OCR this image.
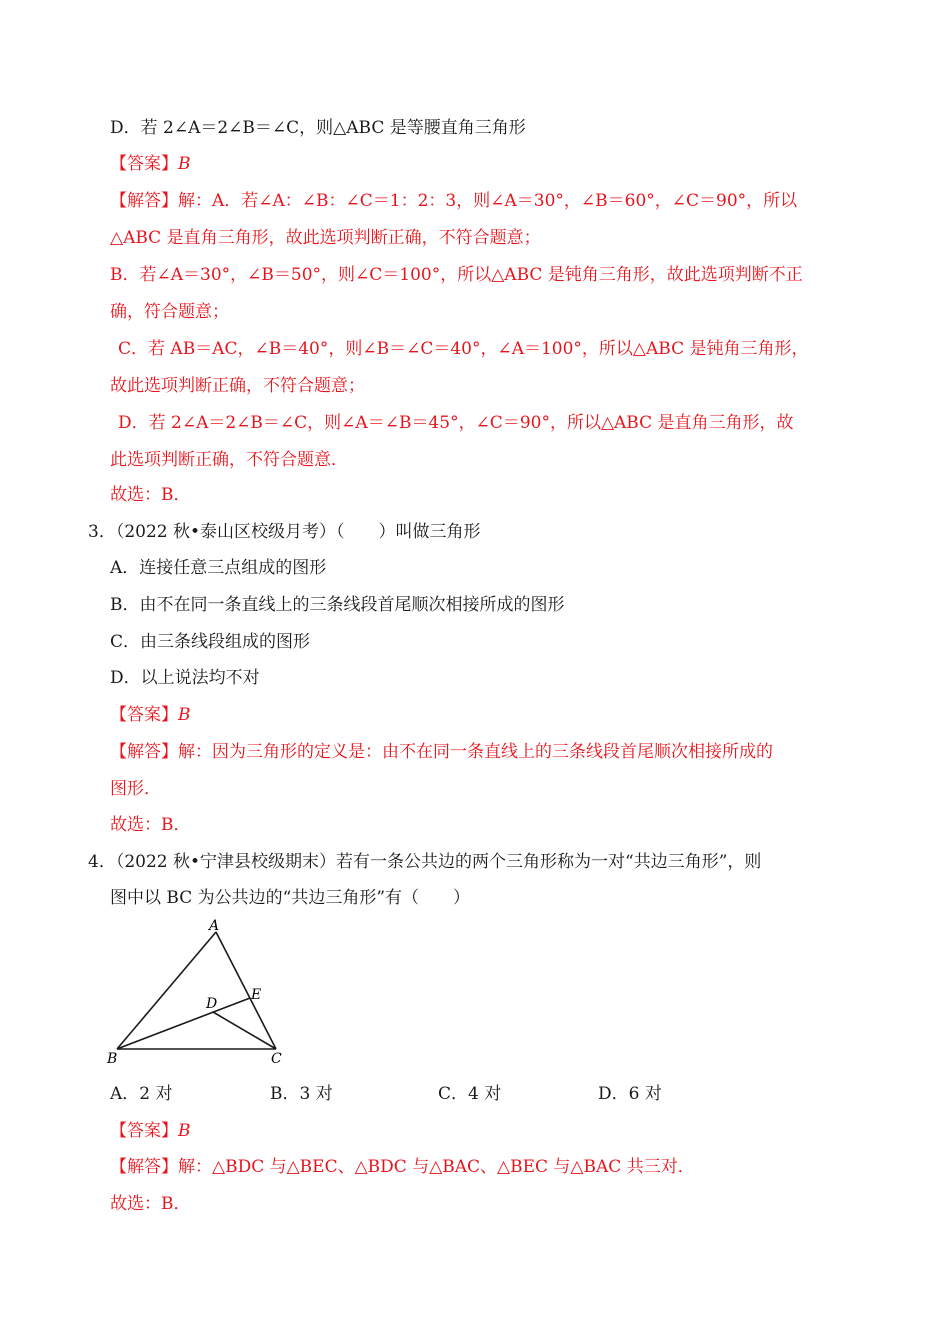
D．若 2∠A＝2∠B＝∠C，则△ABC 是等腰直角三角形
【答案】B
【解答】解：A．若∠A：∠B：∠C＝1：2：3，则∠A＝30°，∠B＝60°，∠C＝90°，所以
△ABC 是直角三角形，故此选项判断正确，不符合题意；
B．若∠A＝30°，∠B＝50°，则∠C＝100°，所以△ABC 是钝角三角形，故此选项判断不正
确，符合题意；
C．若 AB＝AC，∠B＝40°，则∠B＝∠C＝40°，∠A＝100°，所以△ABC 是钝角三角形，
故此选项判断正确，不符合题意；
D．若 2∠A＝2∠B＝∠C，则∠A＝∠B＝45°，∠C＝90°，所以△ABC 是直角三角形，故
此选项判断正确，不符合题意．
故选：B．
3．（2022 秋•泰山区校级月考）（　　）叫做三角形
A．连接任意三点组成的图形
B．由不在同一条直线上的三条线段首尾顺次相接所成的图形
C．由三条线段组成的图形
D．以上说法均不对
【答案】B
【解答】解：因为三角形的定义是：由不在同一条直线上的三条线段首尾顺次相接所成的
图形．
故选：B．
4．（2022 秋•宁津县校级期末）若有一条公共边的两个三角形称为一对“共边三角形”，则
图中以 BC 为公共边的“共边三角形”有（　　）
A
B	C
D
E
A．2 对	B．3 对	C．4 对	D．6 对
【答案】B
【解答】解：△BDC 与△BEC、△BDC 与△BAC、△BEC 与△BAC 共三对．
故选：B．
